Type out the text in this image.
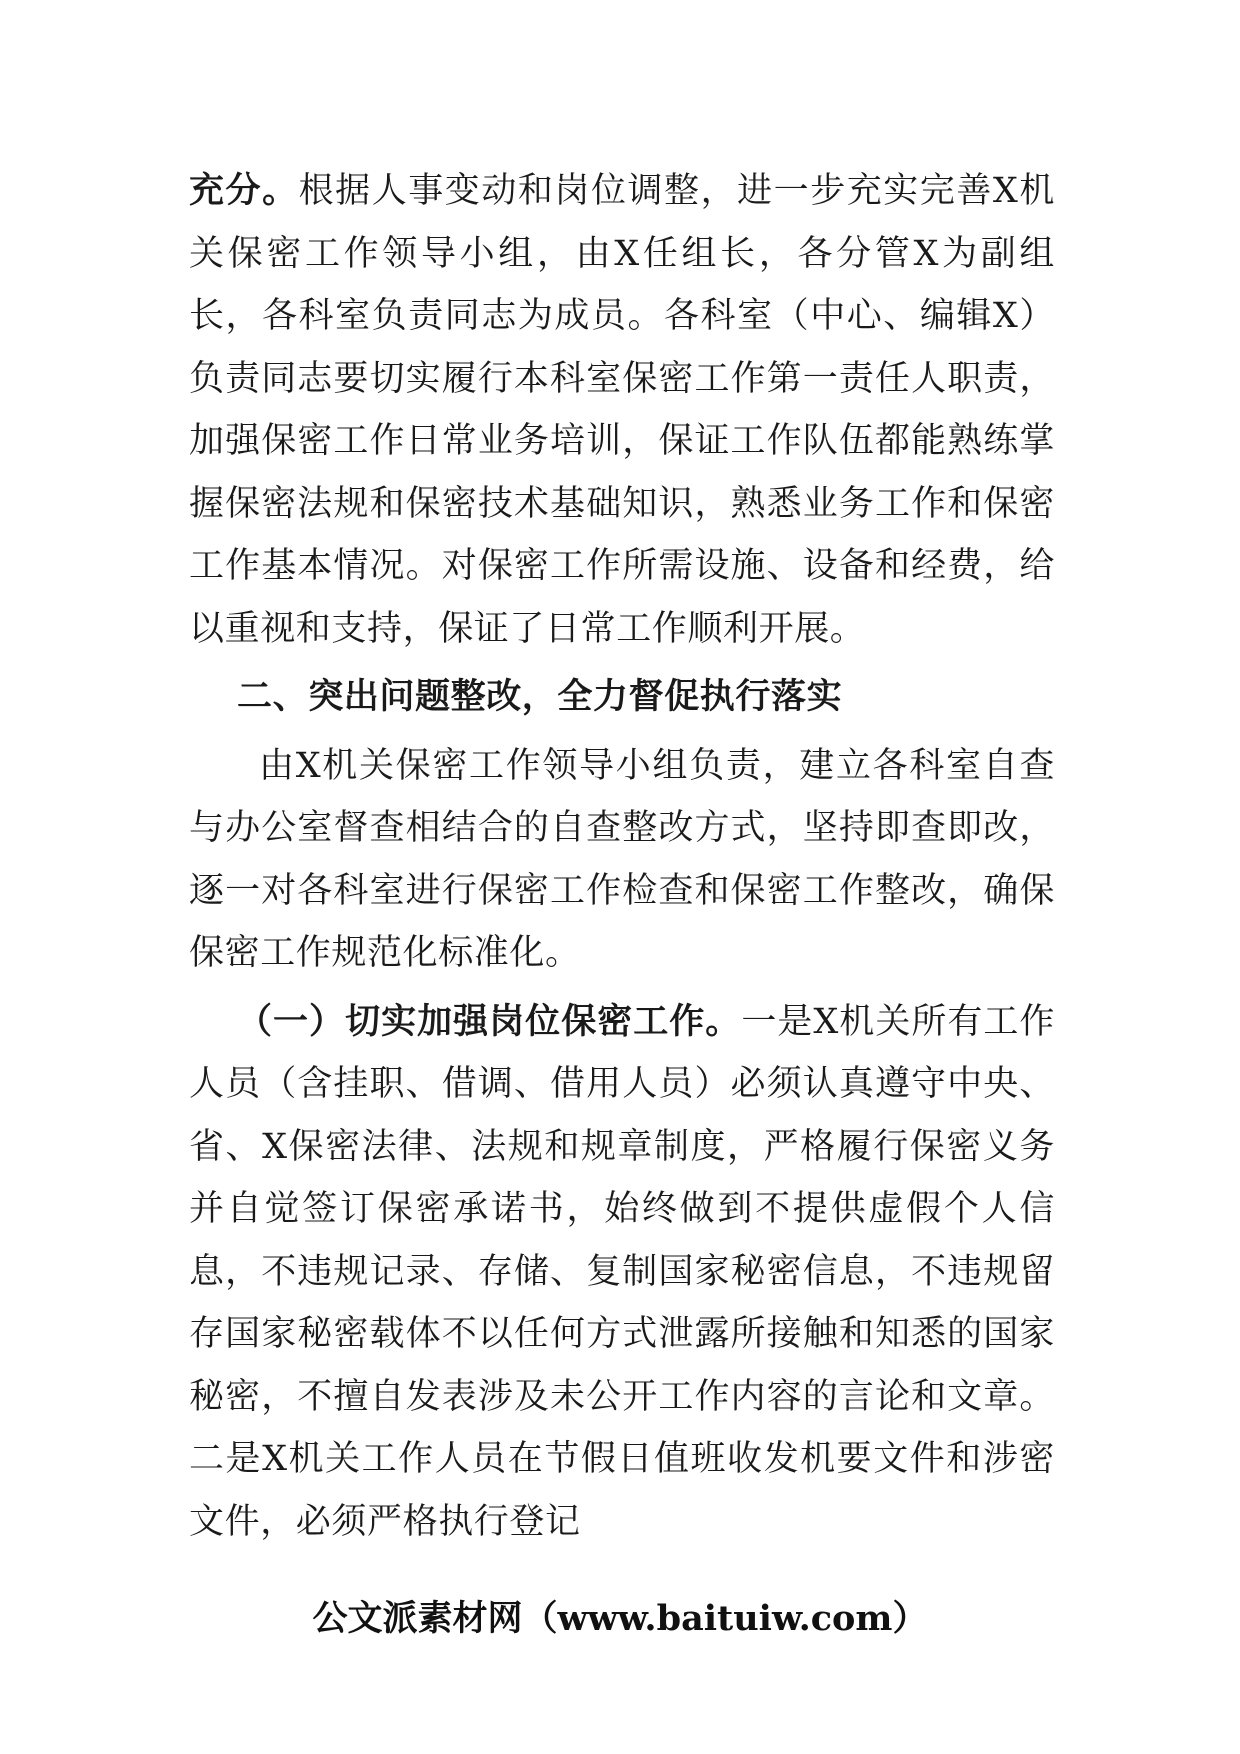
充分。根据人事变动和岗位调整，进一步充实完善X机关保密工作领导小组，由X任组长，各分管X为副组长，各科室负责同志为成员。各科室（中心、编辑X）负责同志要切实履行本科室保密工作第一责任人职责，加强保密工作日常业务培训，保证工作队伍都能熟练掌握保密法规和保密技术基础知识，熟悉业务工作和保密工作基本情况。对保密工作所需设施、设备和经费，给以重视和支持，保证了日常工作顺利开展。

二、突出问题整改，全力督促执行落实

由X机关保密工作领导小组负责，建立各科室自查与办公室督查相结合的自查整改方式，坚持即查即改，逐一对各科室进行保密工作检查和保密工作整改，确保保密工作规范化标准化。

（一）切实加强岗位保密工作。一是X机关所有工作人员（含挂职、借调、借用人员）必须认真遵守中央、省、X保密法律、法规和规章制度，严格履行保密义务并自觉签订保密承诺书，始终做到不提供虚假个人信息，不违规记录、存储、复制国家秘密信息，不违规留存国家秘密载体不以任何方式泄露所接触和知悉的国家秘密，不擅自发表涉及未公开工作内容的言论和文章。二是X机关工作人员在节假日值班收发机要文件和涉密文件，必须严格执行登记

公文派素材网（www.baituiw.com）
